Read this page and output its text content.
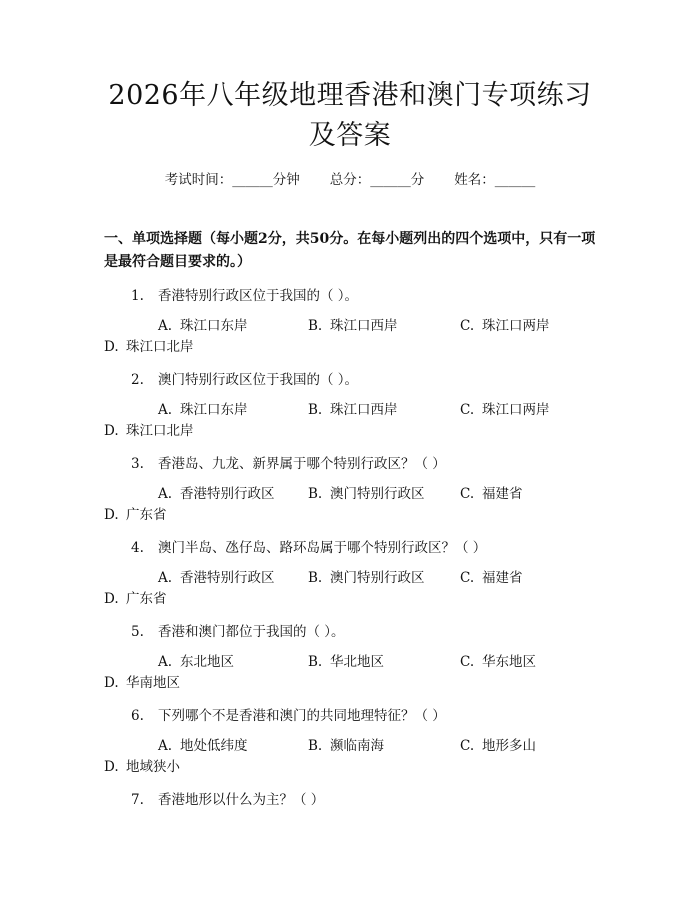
2026年八年级地理香港和澳门专项练习及答案
考试时间：______分钟 总分：______分 姓名：______
一、单项选择题（每小题2分，共50分。在每小题列出的四个选项中，只有一项是最符合题目要求的。）
1. 香港特别行政区位于我国的（ ）。
A. 珠江口东岸	B. 珠江口西岸	C. 珠江口两岸
D. 珠江口北岸
2. 澳门特别行政区位于我国的（ ）。
A. 珠江口东岸	B. 珠江口西岸	C. 珠江口两岸
D. 珠江口北岸
3. 香港岛、九龙、新界属于哪个特别行政区？（ ）
A. 香港特别行政区 B. 澳门特别行政区	C. 福建省
D. 广东省
4. 澳门半岛、氹仔岛、路环岛属于哪个特别行政区？（ ）
A. 香港特别行政区 B. 澳门特别行政区	C. 福建省
D. 广东省
5. 香港和澳门都位于我国的（ ）。
A. 东北地区	B. 华北地区	C. 华东地区
D. 华南地区
6. 下列哪个不是香港和澳门的共同地理特征？（ ）
A. 地处低纬度	B. 濒临南海	C. 地形多山
D. 地域狭小
7. 香港地形以什么为主？（ ）
